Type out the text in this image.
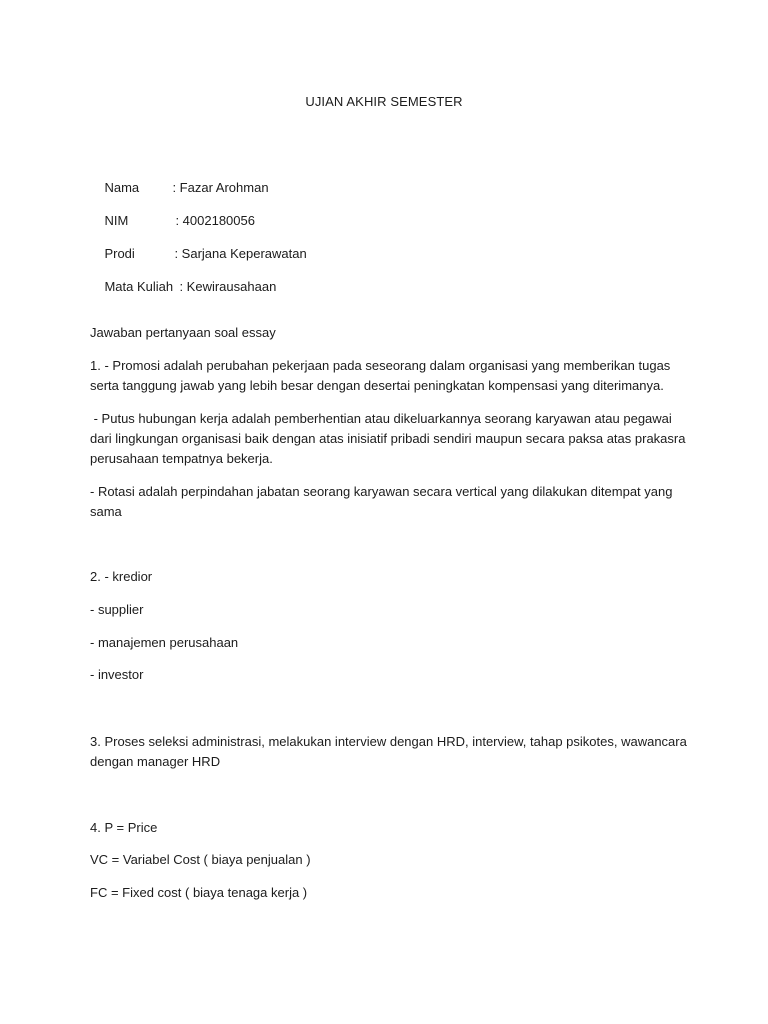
UJIAN AKHIR SEMESTER

Nama	: Fazar Arohman

NIM	: 4002180056

Prodi	: Sarjana Keperawatan

Mata Kuliah : Kewirausahaan

Jawaban pertanyaan soal essay
1. - Promosi adalah perubahan pekerjaan pada seseorang dalam organisasi yang memberikan tugas
serta tanggung jawab yang lebih besar dengan desertai peningkatan kompensasi yang diterimanya.
- Putus hubungan kerja adalah pemberhentian atau dikeluarkannya seorang karyawan atau pegawai
dari lingkungan organisasi baik dengan atas inisiatif pribadi sendiri maupun secara paksa atas prakasra
perusahaan tempatnya bekerja.
- Rotasi adalah perpindahan jabatan seorang karyawan secara vertical yang dilakukan ditempat yang
sama
2. - kredior
- supplier
- manajemen perusahaan
- investor
3. Proses seleksi administrasi, melakukan interview dengan HRD, interview, tahap psikotes, wawancara
dengan manager HRD
4. P = Price
VC = Variabel Cost ( biaya penjualan )
FC = Fixed cost ( biaya tenaga kerja )
